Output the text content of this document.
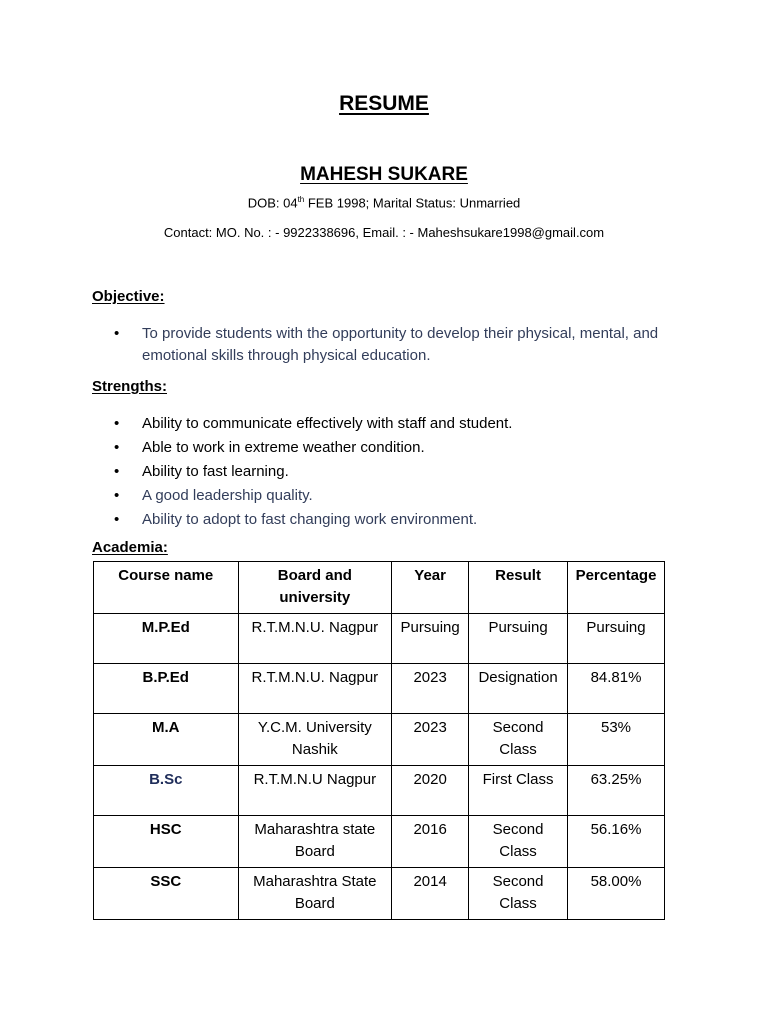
RESUME
MAHESH SUKARE
DOB: 04th FEB 1998; Marital Status: Unmarried
Contact: MO. No. : - 9922338696, Email. : - Maheshsukare1998@gmail.com
Objective:
• To provide students with the opportunity to develop their physical, mental, and emotional skills through physical education.
Strengths:
• Ability to communicate effectively with staff and student.
• Able to work in extreme weather condition.
• Ability to fast learning.
• A good leadership quality.
• Ability to adopt to fast changing work environment.
Academia:
Course name	Board and university	Year	Result	Percentage
M.P.Ed	R.T.M.N.U. Nagpur	Pursuing	Pursuing	Pursuing
B.P.Ed	R.T.M.N.U. Nagpur	2023	Designation	84.81%
M.A	Y.C.M. University Nashik	2023	Second Class	53%
B.Sc	R.T.M.N.U Nagpur	2020	First Class	63.25%
HSC	Maharashtra state Board	2016	Second Class	56.16%
SSC	Maharashtra State Board	2014	Second Class	58.00%
